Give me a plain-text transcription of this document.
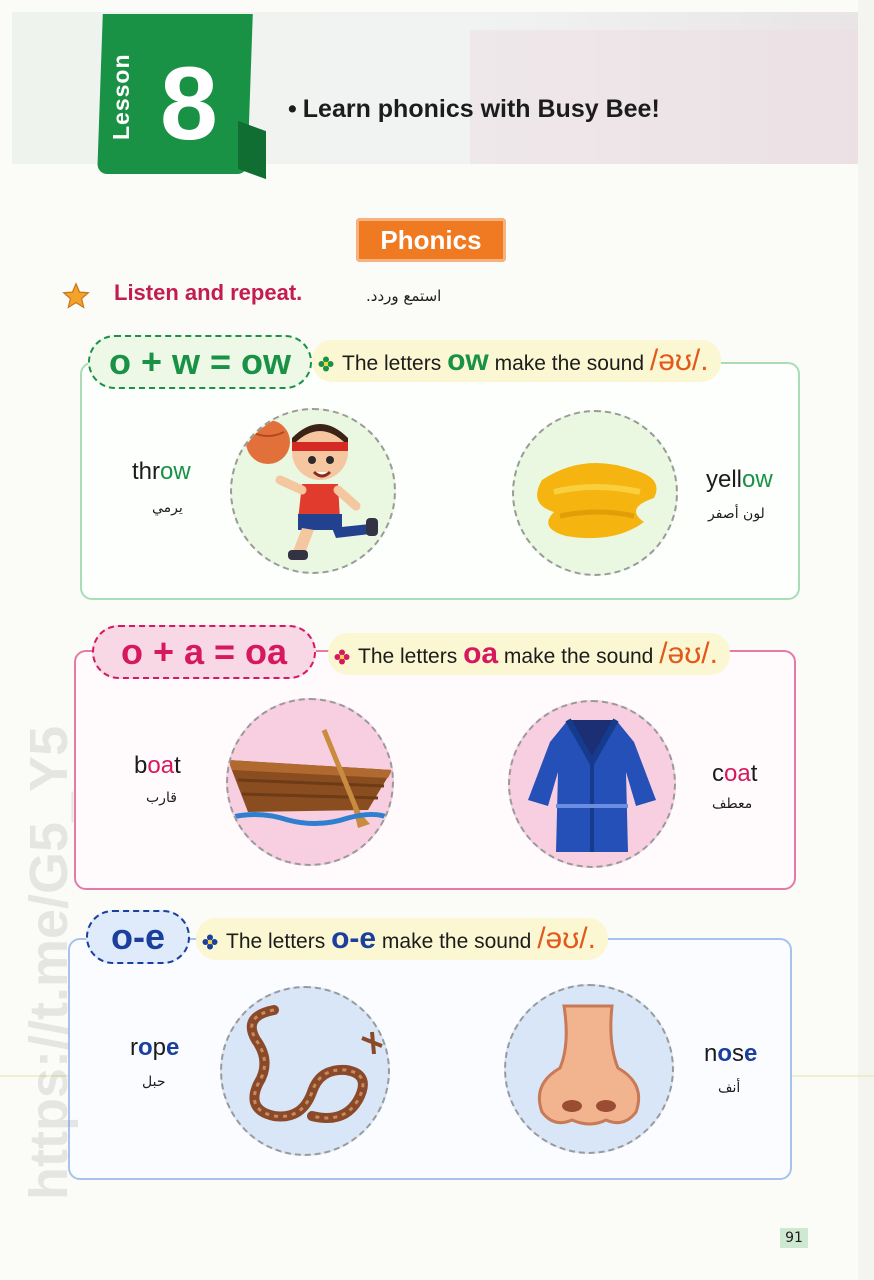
Lesson 8	• Learn phonics with Busy Bee!
Phonics
Listen and repeat.	استمع وردد.
o + w = ow	The letters ow make the sound /əʊ/.
throw
يرمي
yellow
لون أصفر
o + a = oa	The letters oa make the sound /əʊ/.
boat
قارب
coat
معطف
o-e	The letters o-e make the sound /əʊ/.
rope
حبل
nose
أنف
https://t.me/G5_Y5
91
